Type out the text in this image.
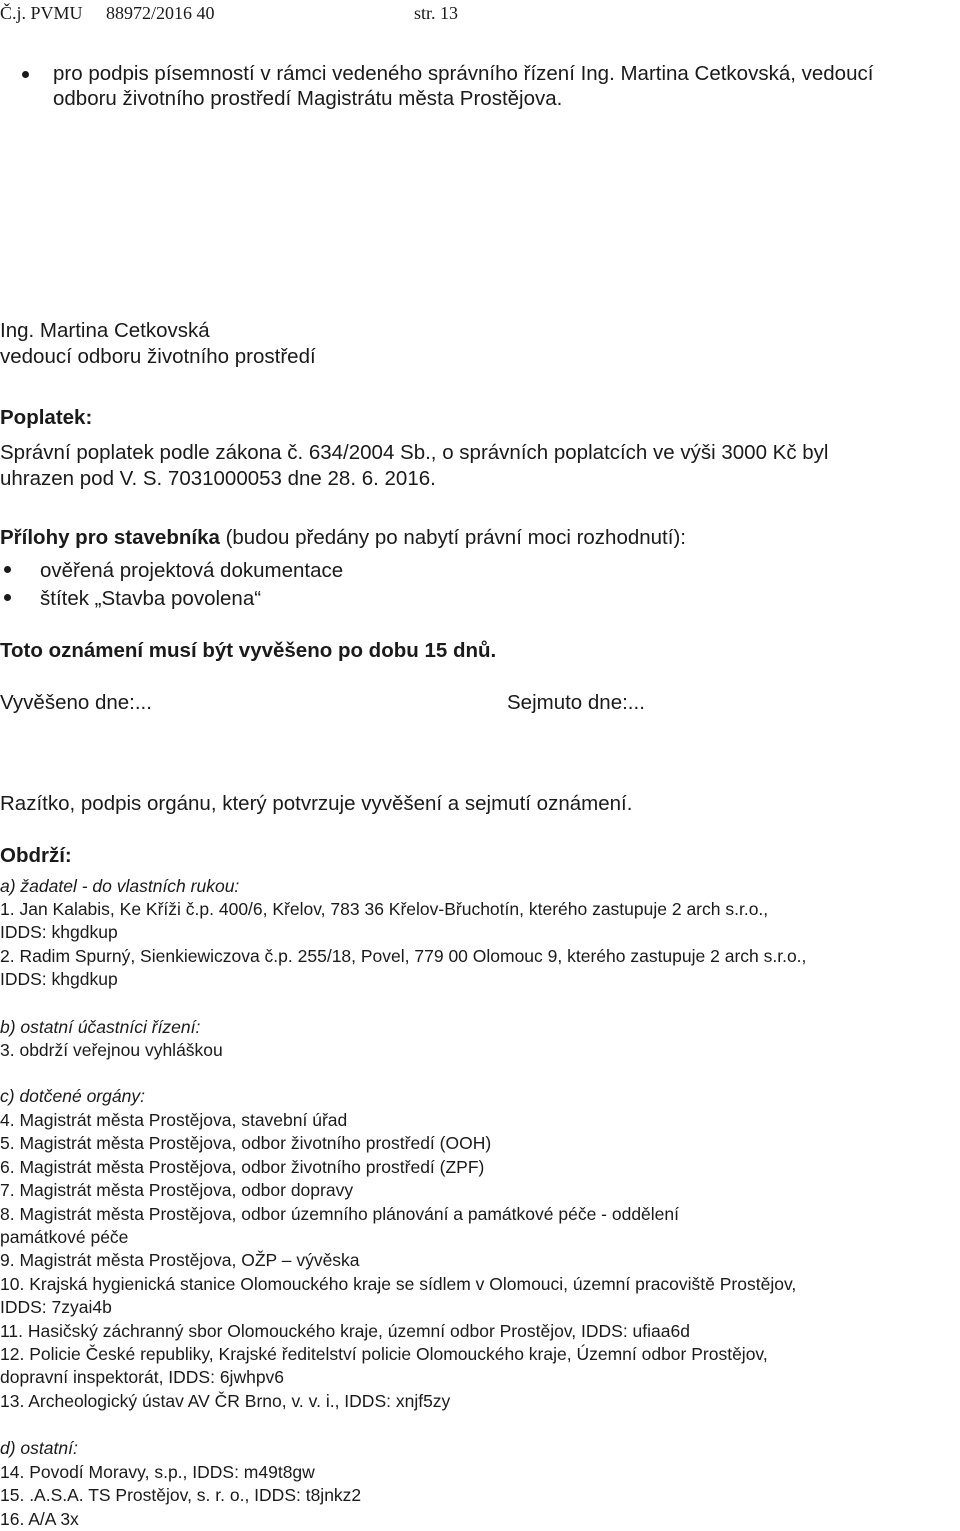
Č.j. PVMU 88972/2016 40	str. 13
pro podpis písemností v rámci vedeného správního řízení Ing. Martina Cetkovská, vedoucí
odboru životního prostředí Magistrátu města Prostějova.
Ing. Martina Cetkovská
vedoucí odboru životního prostředí
Poplatek:
Správní poplatek podle zákona č. 634/2004 Sb., o správních poplatcích ve výši 3000 Kč byl
uhrazen pod V. S. 7031000053 dne 28. 6. 2016.
Přílohy pro stavebníka (budou předány po nabytí právní moci rozhodnutí):
ověřená projektová dokumentace
štítek „Stavba povolena“
Toto oznámení musí být vyvěšeno po dobu 15 dnů.
Vyvěšeno dne:...	Sejmuto dne:...
Razítko, podpis orgánu, který potvrzuje vyvěšení a sejmutí oznámení.
Obdrží:
a) žadatel - do vlastních rukou:
1. Jan Kalabis, Ke Kříži č.p. 400/6, Křelov, 783 36 Křelov-Břuchotín, kterého zastupuje 2 arch s.r.o.,
IDDS: khgdkup
2. Radim Spurný, Sienkiewiczova č.p. 255/18, Povel, 779 00 Olomouc 9, kterého zastupuje 2 arch s.r.o.,
IDDS: khgdkup
b) ostatní účastníci řízení:
3. obdrží veřejnou vyhláškou
c) dotčené orgány:
4. Magistrát města Prostějova, stavební úřad
5. Magistrát města Prostějova, odbor životního prostředí (OOH)
6. Magistrát města Prostějova, odbor životního prostředí (ZPF)
7. Magistrát města Prostějova, odbor dopravy
8. Magistrát města Prostějova, odbor územního plánování a památkové péče - oddělení
památkové péče
9. Magistrát města Prostějova, OŽP – vývěska
10. Krajská hygienická stanice Olomouckého kraje se sídlem v Olomouci, územní pracoviště Prostějov,
IDDS: 7zyai4b
11. Hasičský záchranný sbor Olomouckého kraje, územní odbor Prostějov, IDDS: ufiaa6d
12. Policie České republiky, Krajské ředitelství policie Olomouckého kraje, Územní odbor Prostějov,
dopravní inspektorát, IDDS: 6jwhpv6
13. Archeologický ústav AV ČR Brno, v. v. i., IDDS: xnjf5zy
d) ostatní:
14. Povodí Moravy, s.p., IDDS: m49t8gw
15. .A.S.A. TS Prostějov, s. r. o., IDDS: t8jnkz2
16. A/A 3x
